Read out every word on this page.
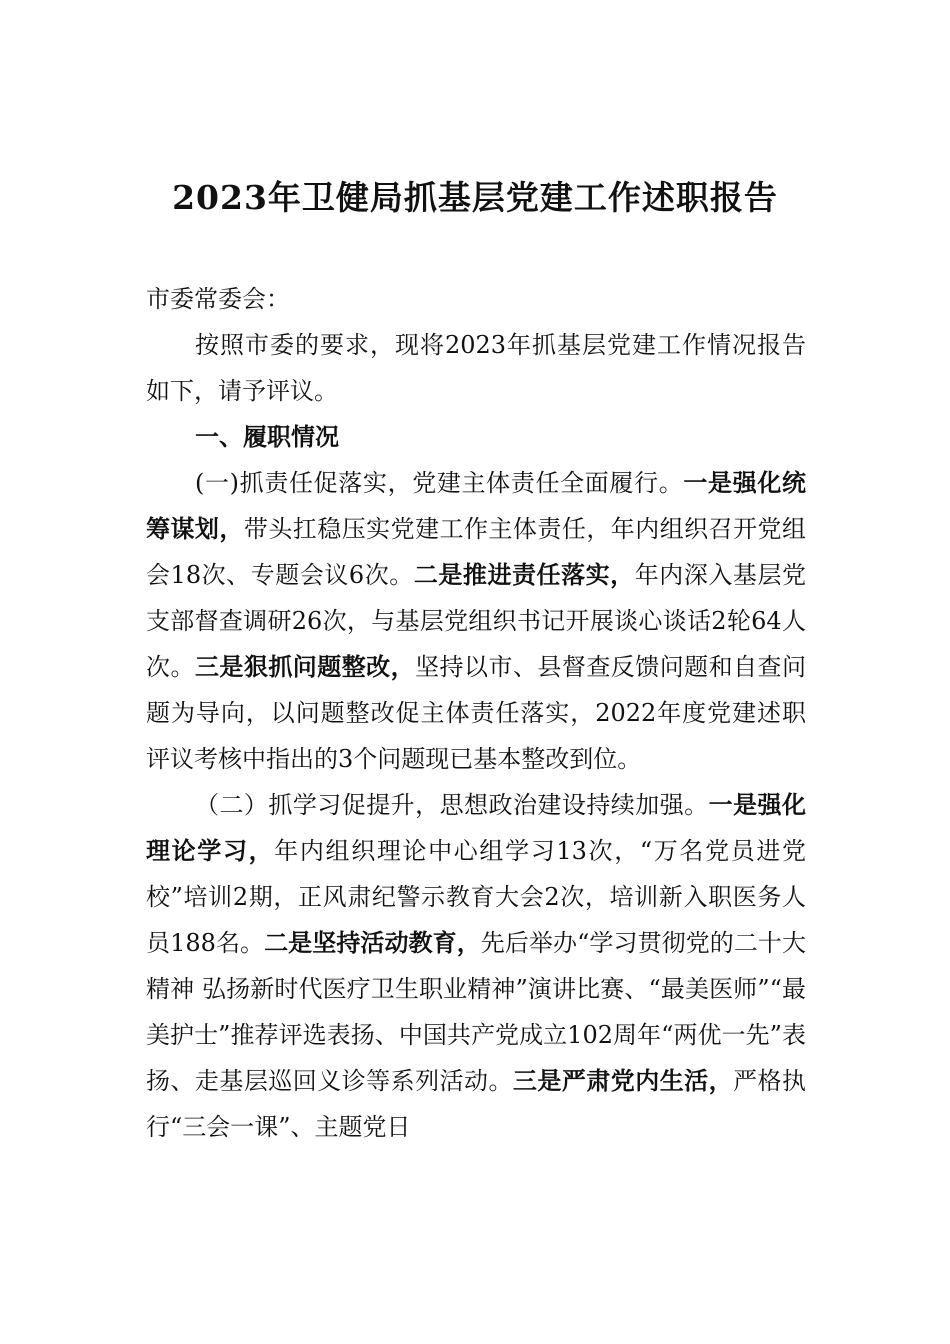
2023年卫健局抓基层党建工作述职报告

市委常委会：

按照市委的要求，现将2023年抓基层党建工作情况报告如下，请予评议。

一、履职情况

(一)抓责任促落实，党建主体责任全面履行。一是强化统筹谋划，带头扛稳压实党建工作主体责任，年内组织召开党组会18次、专题会议6次。二是推进责任落实，年内深入基层党支部督查调研26次，与基层党组织书记开展谈心谈话2轮64人次。三是狠抓问题整改，坚持以市、县督查反馈问题和自查问题为导向，以问题整改促主体责任落实，2022年度党建述职评议考核中指出的3个问题现已基本整改到位。

（二）抓学习促提升，思想政治建设持续加强。一是强化理论学习，年内组织理论中心组学习13次，“万名党员进党校”培训2期，正风肃纪警示教育大会2次，培训新入职医务人员188名。二是坚持活动教育，先后举办“学习贯彻党的二十大精神 弘扬新时代医疗卫生职业精神”演讲比赛、“最美医师”“最美护士”推荐评选表扬、中国共产党成立102周年“两优一先”表扬、走基层巡回义诊等系列活动。三是严肃党内生活，严格执行“三会一课”、主题党日
